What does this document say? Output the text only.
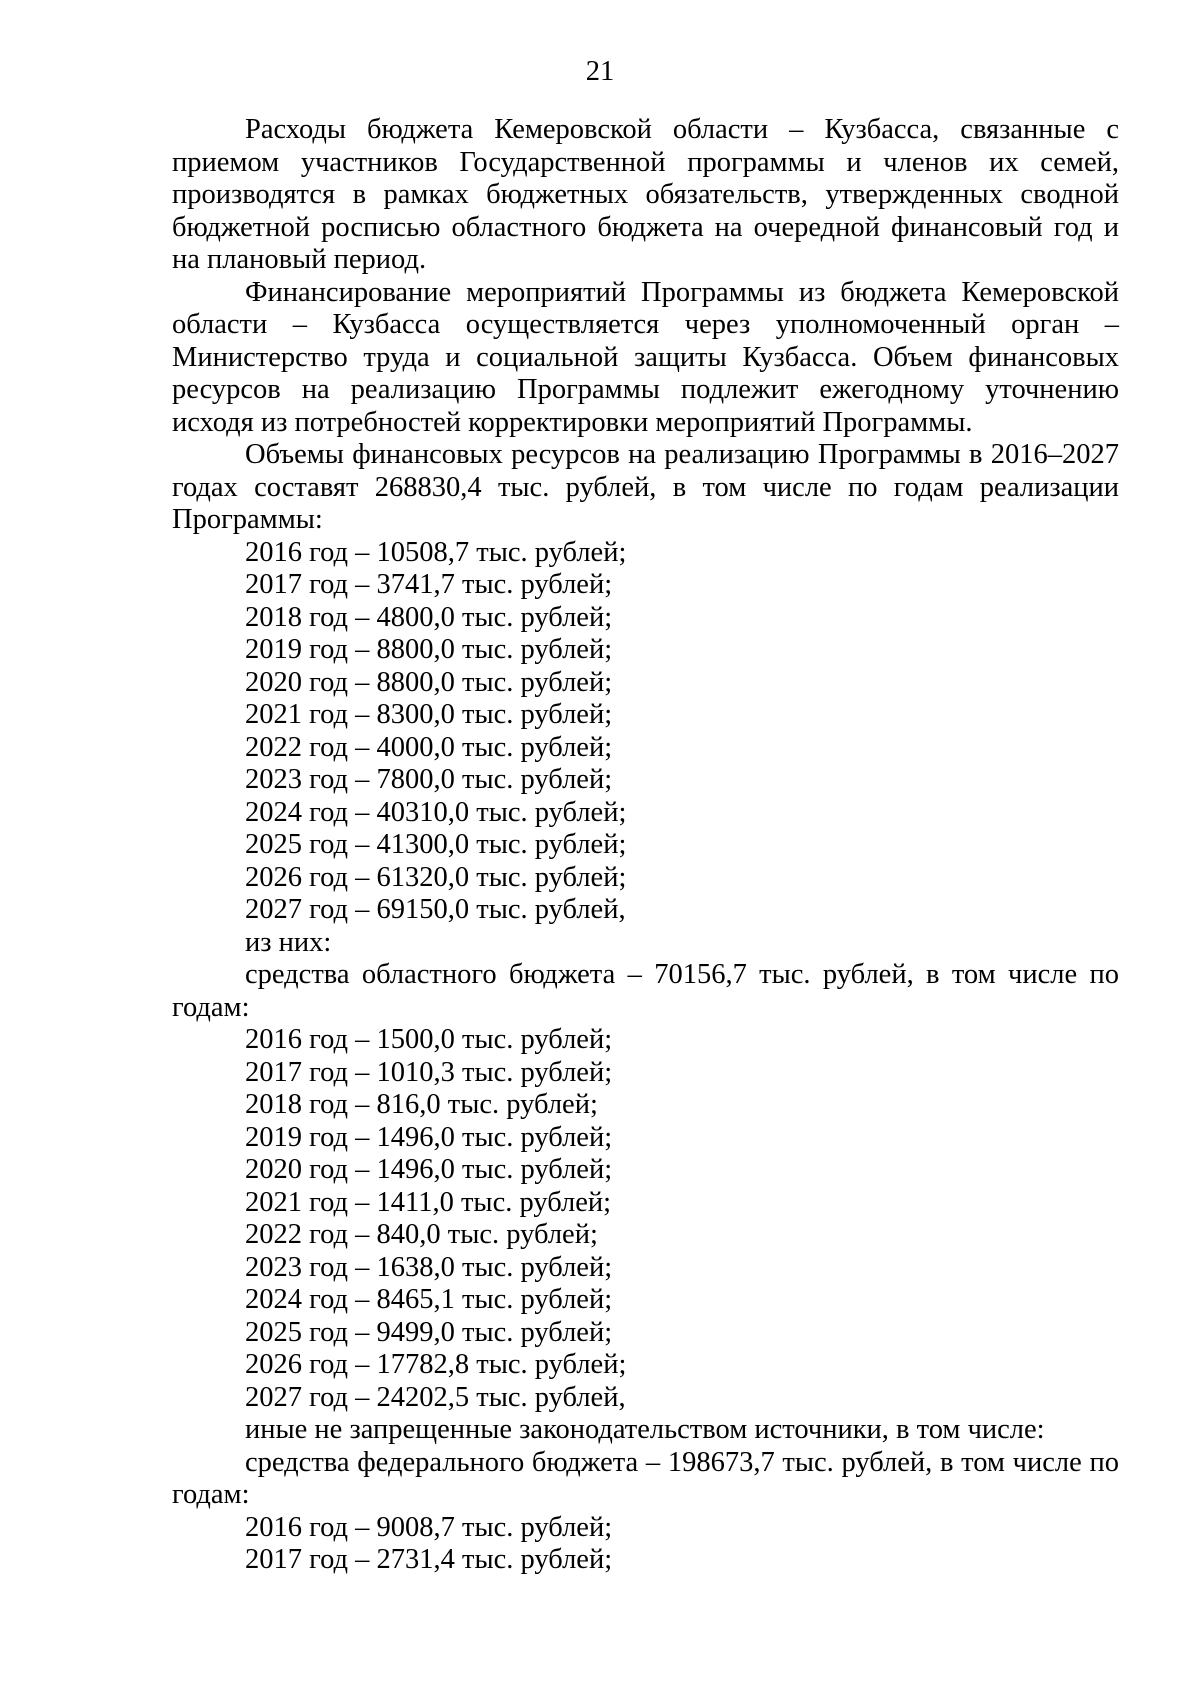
21

Расходы бюджета Кемеровской области – Кузбасса, связанные с приемом участников Государственной программы и членов их семей, производятся в рамках бюджетных обязательств, утвержденных сводной бюджетной росписью областного бюджета на очередной финансовый год и на плановый период.

Финансирование мероприятий Программы из бюджета Кемеровской области – Кузбасса осуществляется через уполномоченный орган – Министерство труда и социальной защиты Кузбасса. Объем финансовых ресурсов на реализацию Программы подлежит ежегодному уточнению исходя из потребностей корректировки мероприятий Программы.

Объемы финансовых ресурсов на реализацию Программы в 2016–2027 годах составят 268830,4 тыс. рублей, в том числе по годам реализации Программы:

2016 год – 10508,7 тыс. рублей;

2017 год – 3741,7 тыс. рублей;

2018 год – 4800,0 тыс. рублей;

2019 год – 8800,0 тыс. рублей;

2020 год – 8800,0 тыс. рублей;

2021 год – 8300,0 тыс. рублей;

2022 год – 4000,0 тыс. рублей;

2023 год – 7800,0 тыс. рублей;

2024 год – 40310,0 тыс. рублей;

2025 год – 41300,0 тыс. рублей;

2026 год – 61320,0 тыс. рублей;

2027 год – 69150,0 тыс. рублей,

из них:

средства областного бюджета – 70156,7 тыс. рублей, в том числе по годам:

2016 год – 1500,0 тыс. рублей;

2017 год – 1010,3 тыс. рублей;

2018 год – 816,0 тыс. рублей;

2019 год – 1496,0 тыс. рублей;

2020 год – 1496,0 тыс. рублей;

2021 год – 1411,0 тыс. рублей;

2022 год – 840,0 тыс. рублей;

2023 год – 1638,0 тыс. рублей;

2024 год – 8465,1 тыс. рублей;

2025 год – 9499,0 тыс. рублей;

2026 год – 17782,8 тыс. рублей;

2027 год – 24202,5 тыс. рублей,

иные не запрещенные законодательством источники, в том числе:

средства федерального бюджета – 198673,7 тыс. рублей, в том числе по годам:

2016 год – 9008,7 тыс. рублей;

2017 год – 2731,4 тыс. рублей;
